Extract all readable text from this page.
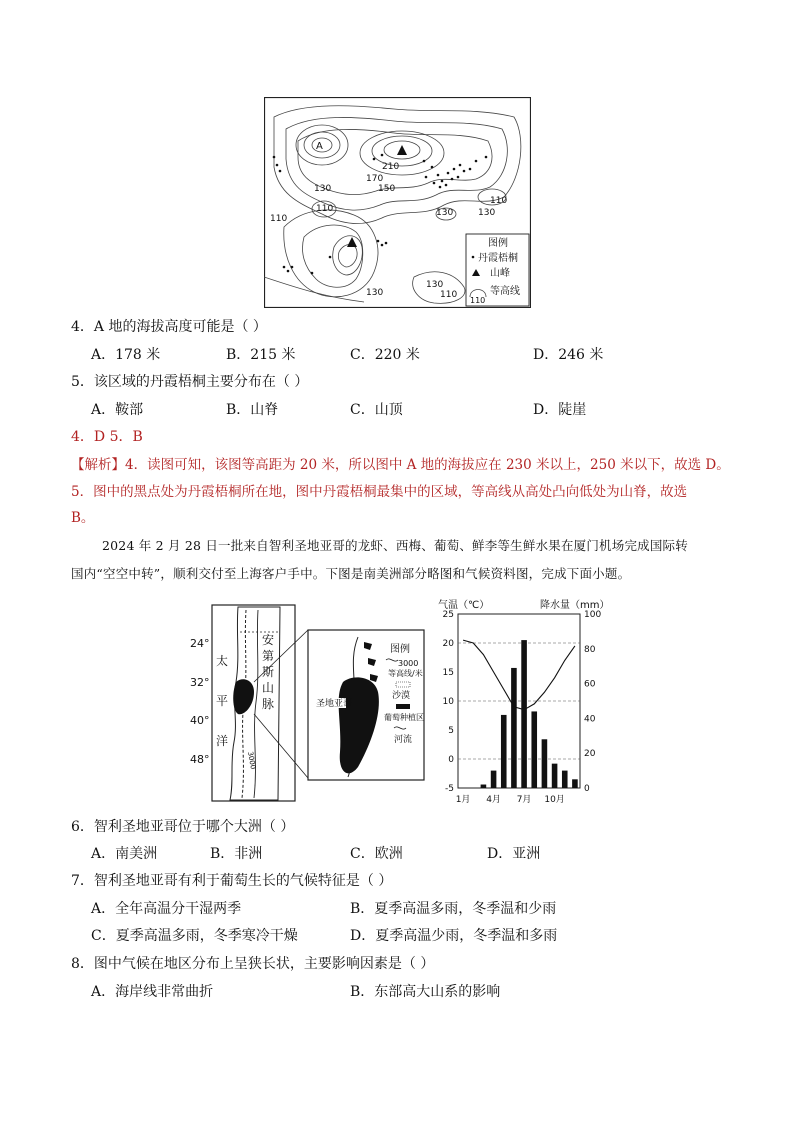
A
210
170
150
130
110
130	130
110
110
130
130
110
图例
丹霞梧桐
山峰
110
等高线
4．A 地的海拔高度可能是（ ）
A．178 米	B．215 米	C．220 米	D．246 米
5．该区域的丹霞梧桐主要分布在（ ）
A．鞍部	B．山脊	C．山顶	D．陡崖
4．D 5．B
【解析】4．读图可知，该图等高距为 20 米，所以图中 A 地的海拔应在 230 米以上，250 米以下，故选 D。
5．图中的黑点处为丹霞梧桐所在地，图中丹霞梧桐最集中的区域，等高线从高处凸向低处为山脊，故选
B。
2024 年 2 月 28 日一批来自智利圣地亚哥的龙虾、西梅、葡萄、鲜李等生鲜水果在厦门机场完成国际转
国内“空空中转”，顺利交付至上海客户手中。下图是南美洲部分略图和气候资料图，完成下面小题。
24°
32°
40°
48°
太
平
洋
安
第
斯
山
脉
3000
圣地亚哥
图例
3000
等高线/米
沙漠
葡萄种植区
河流
气温（℃）	降水量（mm）
25
20
15
10
5
0
-5
100
80
60
40
20
0
1月 4月 7月 10月
6．智利圣地亚哥位于哪个大洲（ ）
A．南美洲	B．非洲	C．欧洲	D．亚洲
7．智利圣地亚哥有利于葡萄生长的气候特征是（ ）
A．全年高温分干湿两季	B．夏季高温多雨，冬季温和少雨
C．夏季高温多雨，冬季寒冷干燥	D．夏季高温少雨，冬季温和多雨
8．图中气候在地区分布上呈狭长状，主要影响因素是（ ）
A．海岸线非常曲折	B．东部高大山系的影响
